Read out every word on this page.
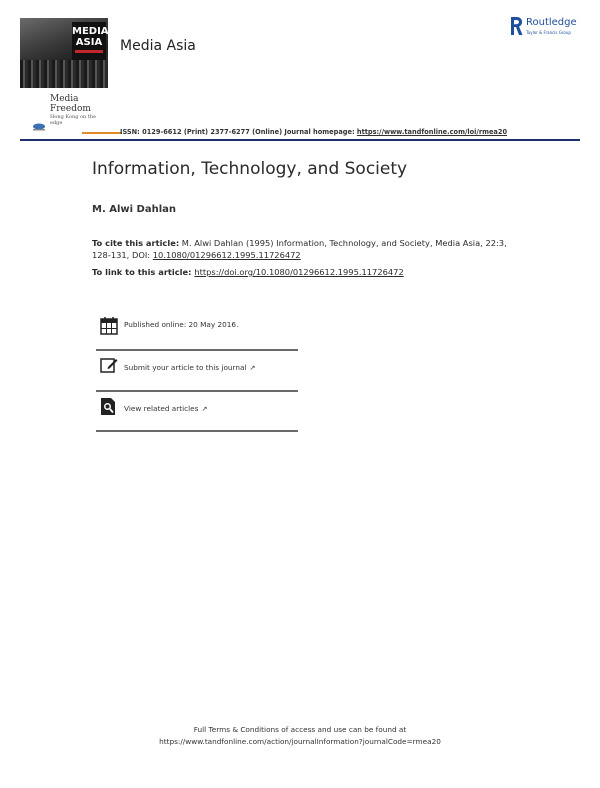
MEDIA
ASIA
Media Freedom
Hong Kong on the edge
Media Asia
Routledge
Taylor & Francis Group
ISSN: 0129-6612 (Print) 2377-6277 (Online) Journal homepage: https://www.tandfonline.com/loi/rmea20
Information, Technology, and Society
M. Alwi Dahlan
To cite this article: M. Alwi Dahlan (1995) Information, Technology, and Society, Media Asia, 22:3, 128-131, DOI: 10.1080/01296612.1995.11726472
To link to this article: https://doi.org/10.1080/01296612.1995.11726472
Published online: 20 May 2016.
Submit your article to this journal ↗
View related articles ↗
Full Terms & Conditions of access and use can be found at
https://www.tandfonline.com/action/journalInformation?journalCode=rmea20
